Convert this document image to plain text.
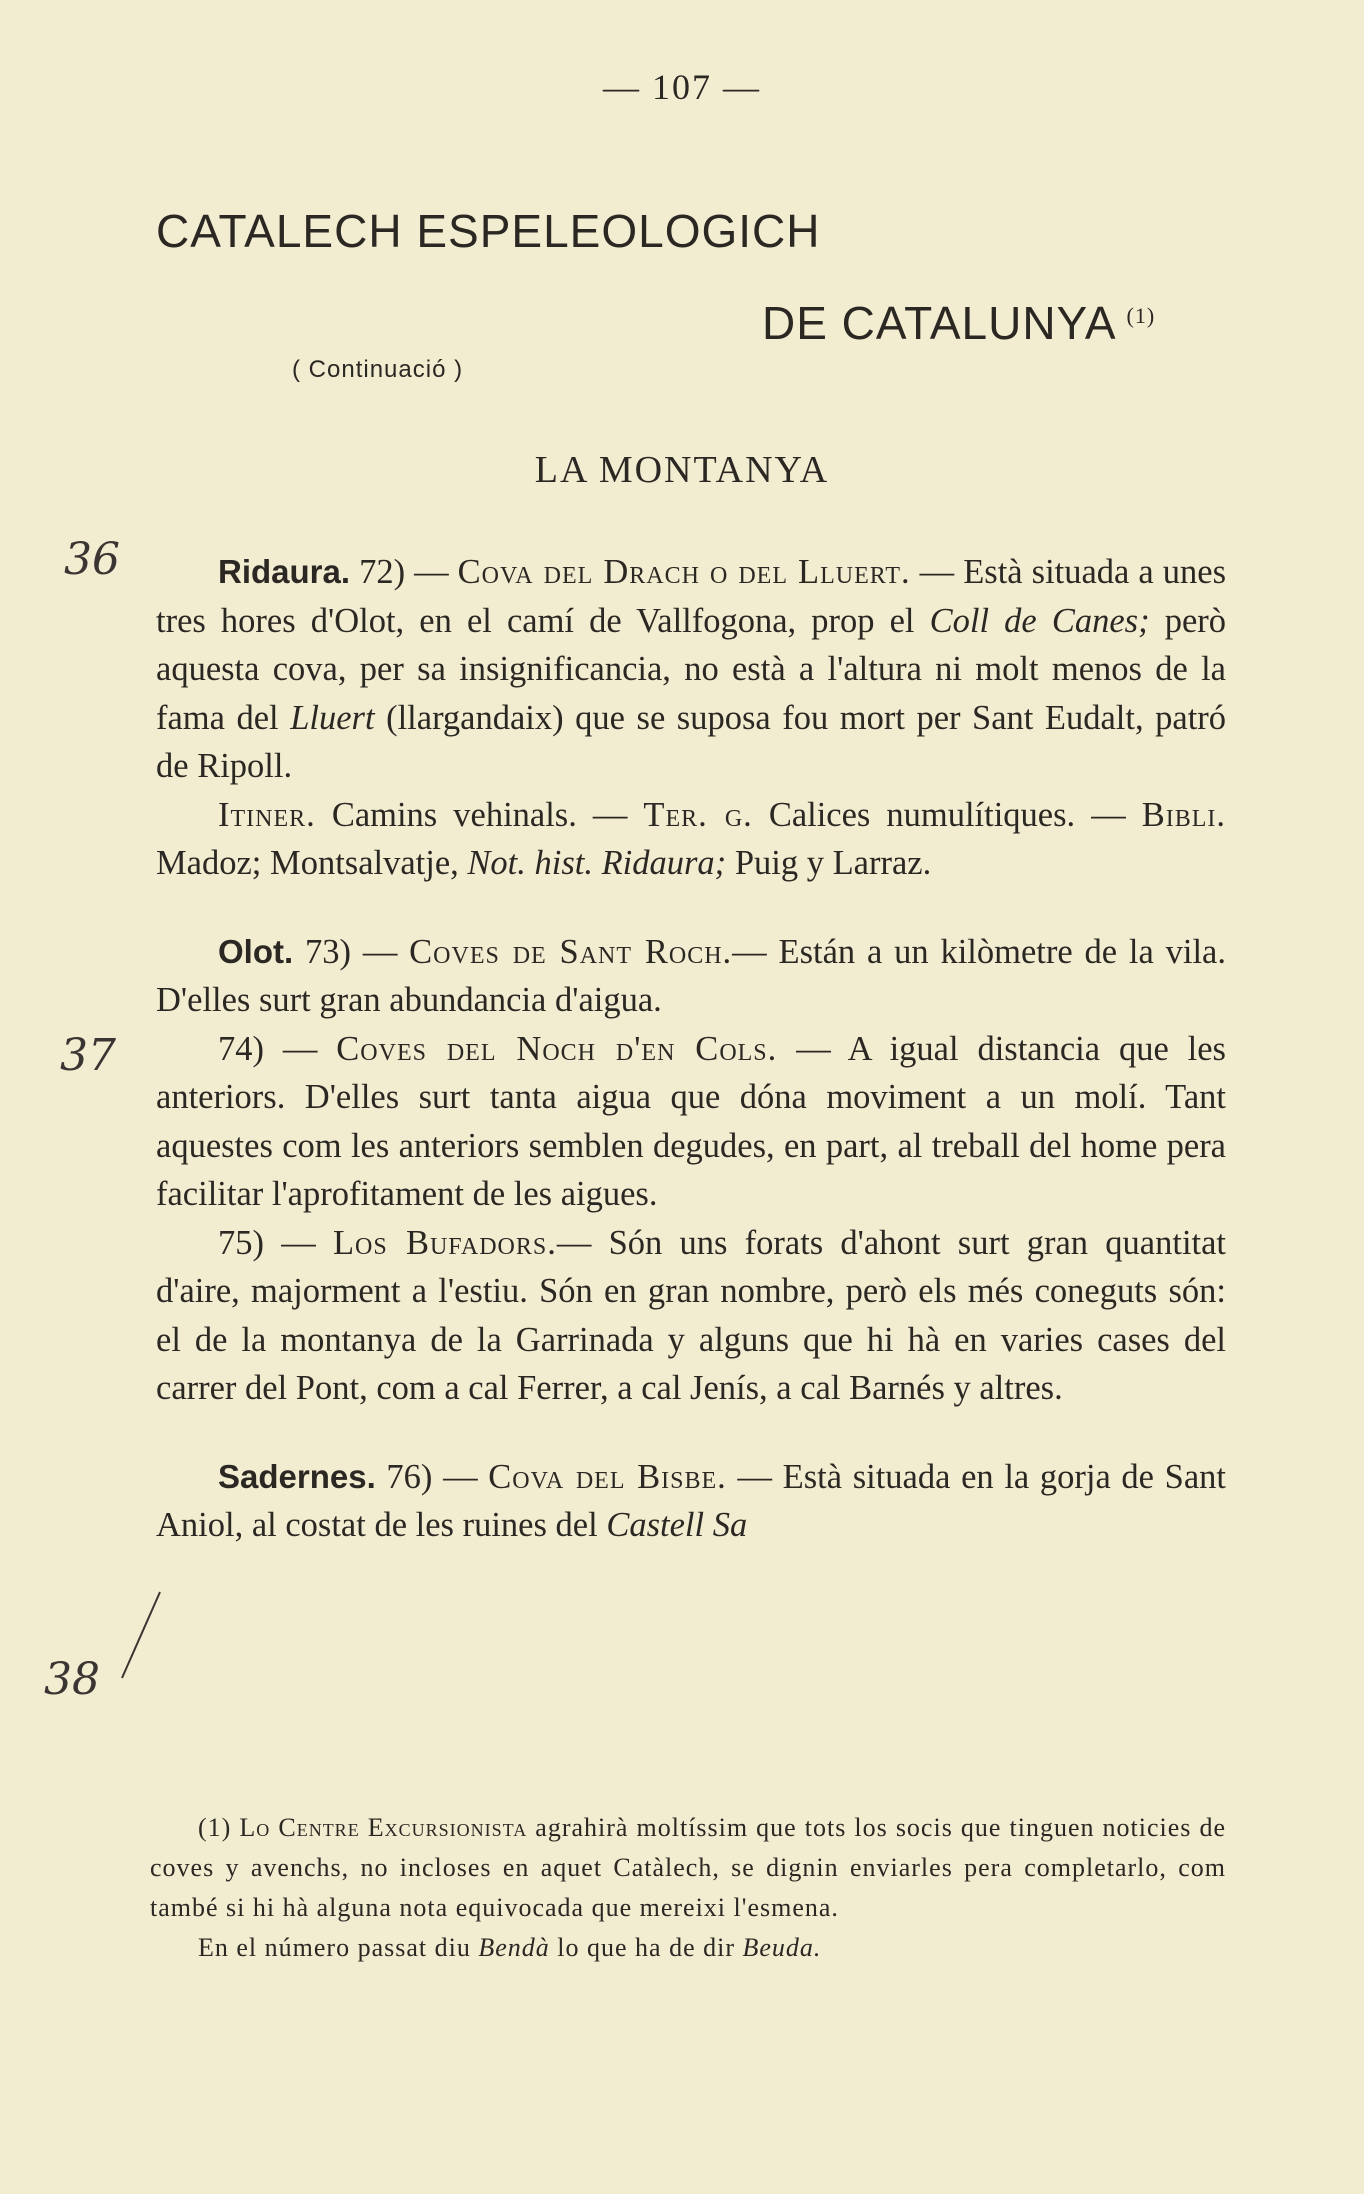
— 107 —
CATALECH ESPELEOLOGICH
DE CATALUNYA $^{(1)}$
( Continuació )
LA MONTANYA
36
37
38

Ridaura. 72) — Cova del Drach o del Lluert. — Està situada a unes tres hores d'Olot, en el camí de Vallfogona, prop el Coll de Canes; però aquesta cova, per sa insignificancia, no està a l'altura ni molt menos de la fama del Lluert (llargandaix) que se suposa fou mort per Sant Eudalt, patró de Ripoll.

Itiner. Camins vehinals. — Ter. g. Calices numulítiques. — Bibli. Madoz; Montsalvatje, Not. hist. Ridaura; Puig y Larraz.

Olot. 73) — Coves de Sant Roch.— Están a un kilòmetre de la vila. D'elles surt gran abundancia d'aigua.

74) — Coves del Noch d'en Cols. — A igual distancia que les anteriors. D'elles surt tanta aigua que dóna moviment a un molí. Tant aquestes com les anteriors semblen degudes, en part, al treball del home pera facilitar l'aprofitament de les aigues.

75) — Los Bufadors.— Són uns forats d'ahont surt gran quantitat d'aire, majorment a l'estiu. Són en gran nombre, però els més coneguts són: el de la montanya de la Garrinada y alguns que hi hà en varies cases del carrer del Pont, com a cal Ferrer, a cal Jenís, a cal Barnés y altres.

Sadernes. 76) — Cova del Bisbe. — Està situada en la gorja de Sant Aniol, al costat de les ruines del Castell Sa

(1) Lo Centre Excursionista agrahirà moltíssim que tots los socis que tinguen noticies de coves y avenchs, no incloses en aquet Catàlech, se dignin enviarles pera completarlo, com també si hi hà alguna nota equivocada que mereixi l'esmena.

En el número passat diu Bendà lo que ha de dir Beuda.
